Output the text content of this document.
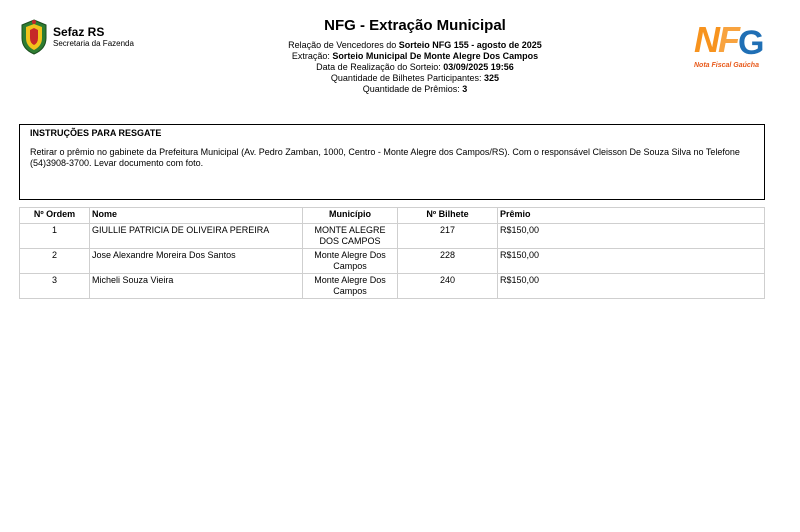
Sefaz RS
Secretaria da Fazenda
NFG - Extração Municipal
Relação de Vencedores do Sorteio NFG 155 - agosto de 2025
Extração: Sorteio Municipal De Monte Alegre Dos Campos
Data de Realização do Sorteio: 03/09/2025 19:56
Quantidade de Bilhetes Participantes: 325
Quantidade de Prêmios: 3
N
F
G
Nota Fiscal Gaúcha
INSTRUÇÕES PARA RESGATE
Retirar o prêmio no gabinete da Prefeitura Municipal (Av. Pedro Zamban, 1000, Centro - Monte Alegre dos Campos/RS). Com o responsável Cleisson De Souza Silva no Telefone (54)3908-3700. Levar documento com foto.
Nº Ordem	Nome	Município	Nº Bilhete	Prêmio
1	GIULLIE PATRICIA DE OLIVEIRA PEREIRA	MONTE ALEGRE DOS CAMPOS	217	R$150,00
2	Jose Alexandre Moreira Dos Santos	Monte Alegre Dos Campos	228	R$150,00
3	Micheli Souza Vieira	Monte Alegre Dos Campos	240	R$150,00
